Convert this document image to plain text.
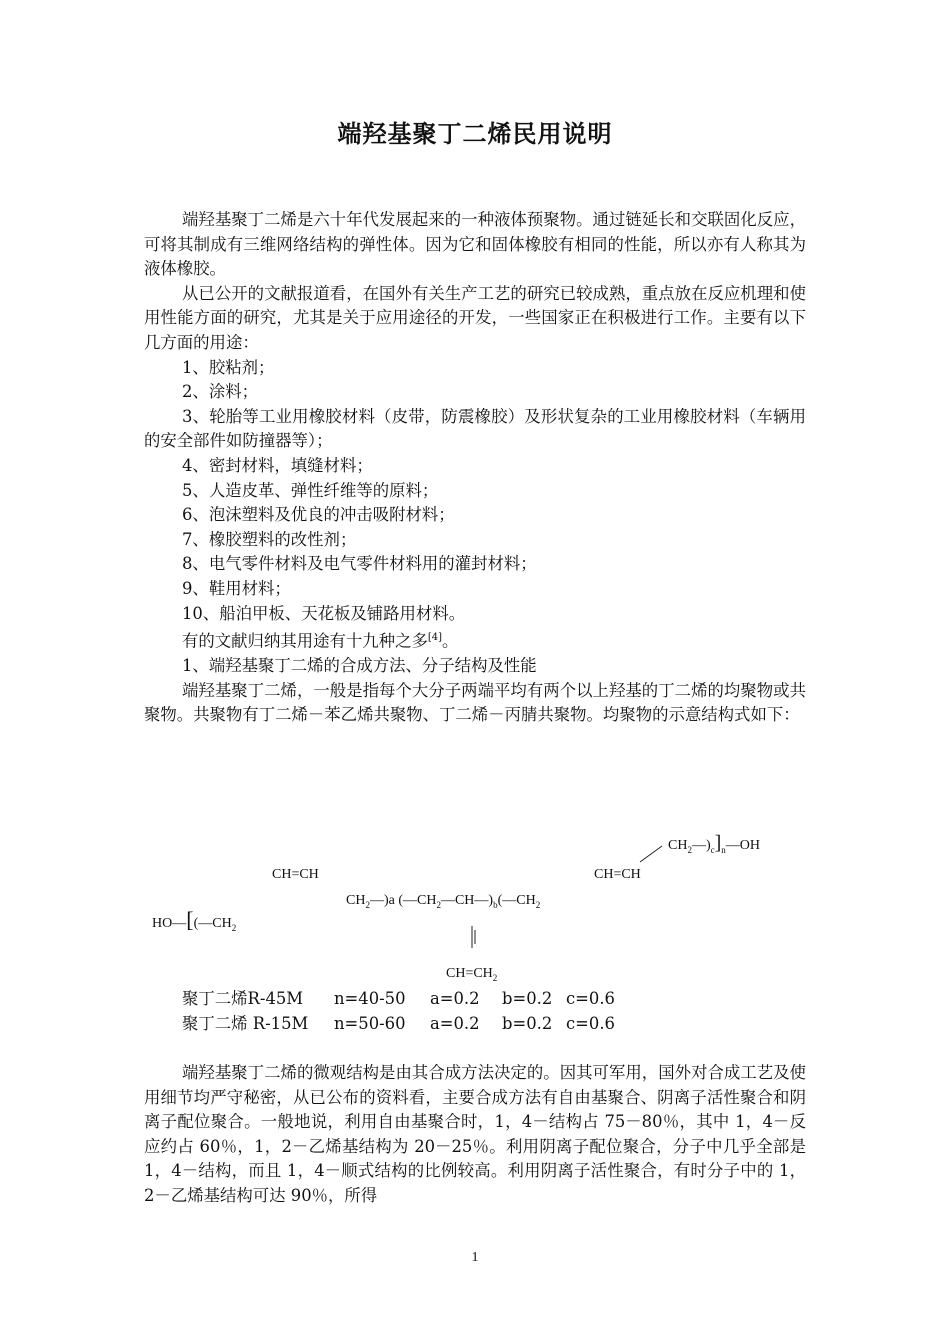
端羟基聚丁二烯民用说明

端羟基聚丁二烯是六十年代发展起来的一种液体预聚物。通过链延长和交联固化反应，可将其制成有三维网络结构的弹性体。因为它和固体橡胶有相同的性能，所以亦有人称其为液体橡胶。

从已公开的文献报道看，在国外有关生产工艺的研究已较成熟，重点放在反应机理和使用性能方面的研究，尤其是关于应用途径的开发，一些国家正在积极进行工作。主要有以下几方面的用途：

1、胶粘剂；

2、涂料；

3、轮胎等工业用橡胶材料（皮带，防震橡胶）及形状复杂的工业用橡胶材料（车辆用的安全部件如防撞器等）；

4、密封材料，填缝材料；

5、人造皮革、弹性纤维等的原料；

6、泡沫塑料及优良的冲击吸附材料；

7、橡胶塑料的改性剂；

8、电气零件材料及电气零件材料用的灌封材料；

9、鞋用材料；

10、船泊甲板、天花板及铺路用材料。

有的文献归纳其用途有十九种之多[4]。

1、端羟基聚丁二烯的合成方法、分子结构及性能

端羟基聚丁二烯，一般是指每个大分子两端平均有两个以上羟基的丁二烯的均聚物或共聚物。共聚物有丁二烯－苯乙烯共聚物、丁二烯－丙腈共聚物。均聚物的示意结构式如下：

$HO—[(—CH_2$
CH=CH
$CH_2—)a$ $(—CH_2—CH—)_b(—CH_2$
CH=CH
$CH_2—)_c]_n—OH$
$CH=CH_2$
聚丁二烯R-45M n=40-50 a=0.2 b=0.2 c=0.6
聚丁二烯 R-15M n=50-60 a=0.2 b=0.2 c=0.6

端羟基聚丁二烯的微观结构是由其合成方法决定的。因其可军用，国外对合成工艺及使用细节均严守秘密，从已公布的资料看，主要合成方法有自由基聚合、阴离子活性聚合和阴离子配位聚合。一般地说，利用自由基聚合时，1，4－结构占 75－80％，其中 1，4－反应约占 60％，1，2－乙烯基结构为 20－25％。利用阴离子配位聚合，分子中几乎全部是 1，4－结构，而且 1，4－顺式结构的比例较高。利用阴离子活性聚合，有时分子中的 1，2－乙烯基结构可达 90％，所得

1
